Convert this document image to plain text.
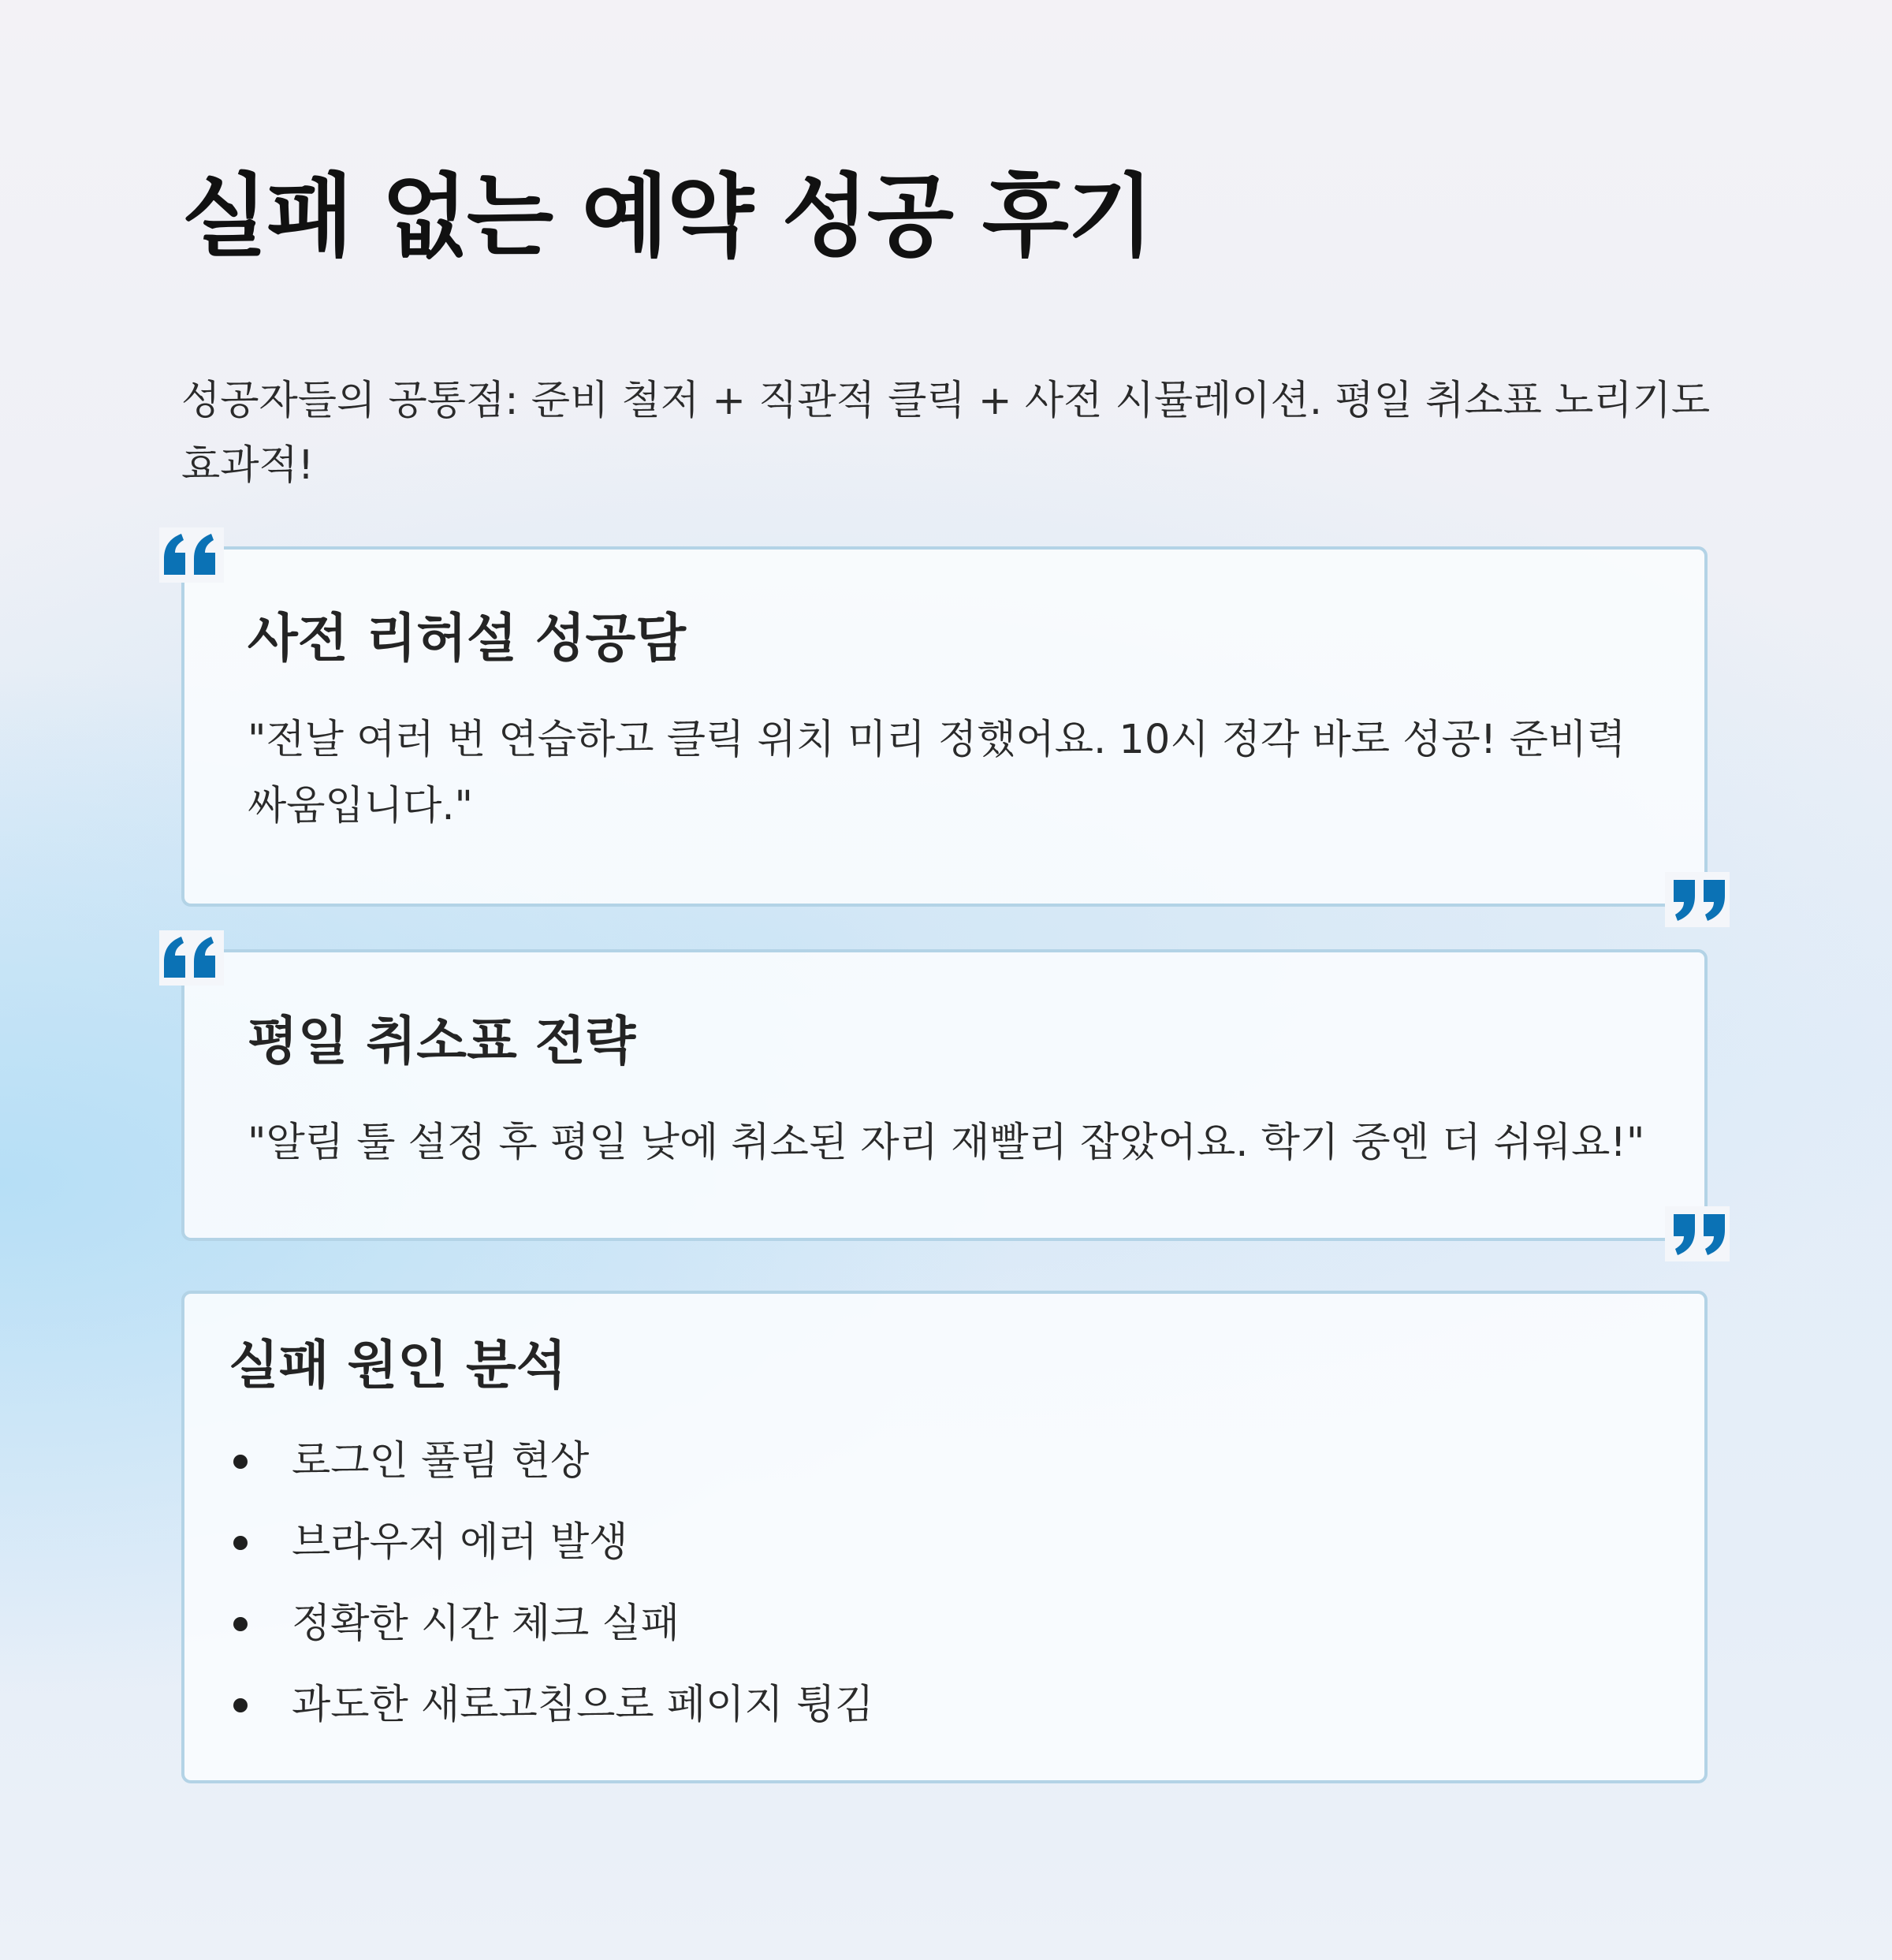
실패 없는 예약 성공 후기

성공자들의 공통점: 준비 철저 + 직관적 클릭 + 사전 시뮬레이션. 평일 취소표 노리기도 효과적!

사전 리허설 성공담

"전날 여러 번 연습하고 클릭 위치 미리 정했어요. 10시 정각 바로 성공! 준비력 싸움입니다."

평일 취소표 전략

"알림 툴 설정 후 평일 낮에 취소된 자리 재빨리 잡았어요. 학기 중엔 더 쉬워요!"

실패 원인 분석
로그인 풀림 현상
브라우저 에러 발생
정확한 시간 체크 실패
과도한 새로고침으로 페이지 튕김
